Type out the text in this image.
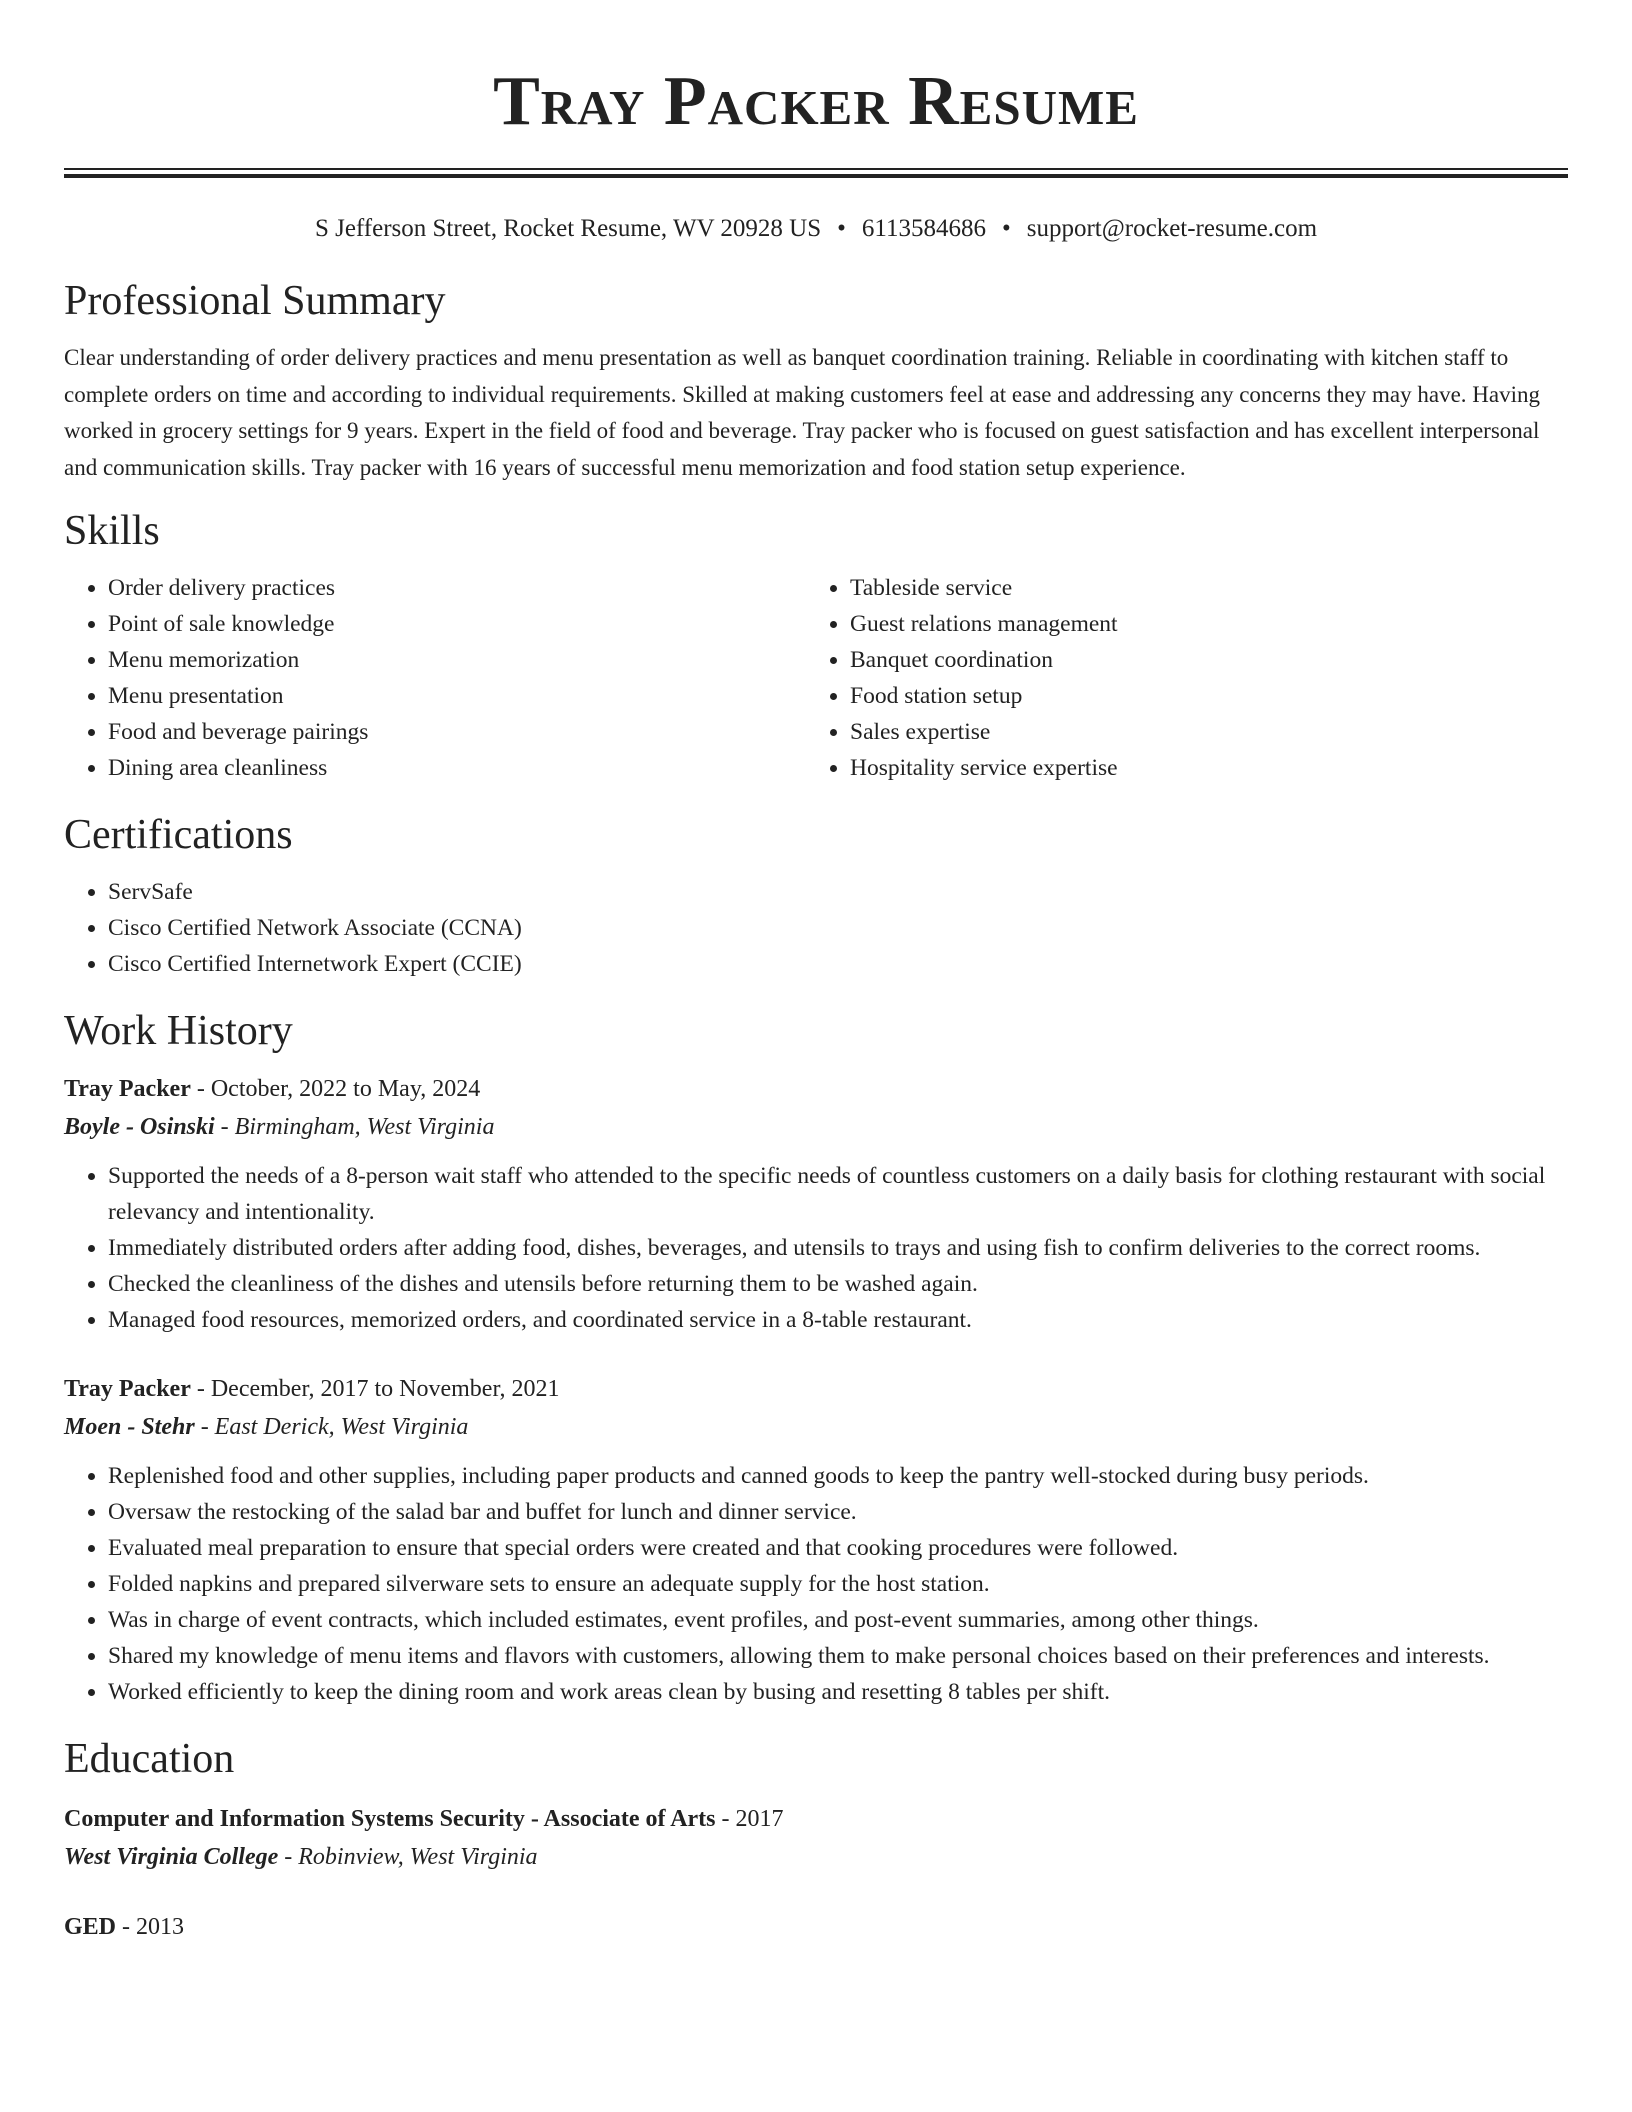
Tray Packer Resume
S Jefferson Street, Rocket Resume, WV 20928 US • 6113584686 • support@rocket-resume.com
Professional Summary

Clear understanding of order delivery practices and menu presentation as well as banquet coordination training. Reliable in coordinating with kitchen staff to complete orders on time and according to individual requirements. Skilled at making customers feel at ease and addressing any concerns they may have. Having worked in grocery settings for 9 years. Expert in the field of food and beverage. Tray packer who is focused on guest satisfaction and has excellent interpersonal and communication skills. Tray packer with 16 years of successful menu memorization and food station setup experience.

Skills
• Order delivery practices
• Point of sale knowledge
• Menu memorization
• Menu presentation
• Food and beverage pairings
• Dining area cleanliness
• Tableside service
• Guest relations management
• Banquet coordination
• Food station setup
• Sales expertise
• Hospitality service expertise
Certifications
• ServSafe
• Cisco Certified Network Associate (CCNA)
• Cisco Certified Internetwork Expert (CCIE)
Work History
Tray Packer - October, 2022 to May, 2024
Boyle - Osinski - Birmingham, West Virginia
• Supported the needs of a 8-person wait staff who attended to the specific needs of countless customers on a daily basis for clothing restaurant with social relevancy and intentionality.
• Immediately distributed orders after adding food, dishes, beverages, and utensils to trays and using fish to confirm deliveries to the correct rooms.
• Checked the cleanliness of the dishes and utensils before returning them to be washed again.
• Managed food resources, memorized orders, and coordinated service in a 8-table restaurant.
Tray Packer - December, 2017 to November, 2021
Moen - Stehr - East Derick, West Virginia
• Replenished food and other supplies, including paper products and canned goods to keep the pantry well-stocked during busy periods.
• Oversaw the restocking of the salad bar and buffet for lunch and dinner service.
• Evaluated meal preparation to ensure that special orders were created and that cooking procedures were followed.
• Folded napkins and prepared silverware sets to ensure an adequate supply for the host station.
• Was in charge of event contracts, which included estimates, event profiles, and post-event summaries, among other things.
• Shared my knowledge of menu items and flavors with customers, allowing them to make personal choices based on their preferences and interests.
• Worked efficiently to keep the dining room and work areas clean by busing and resetting 8 tables per shift.
Education
Computer and Information Systems Security - Associate of Arts - 2017
West Virginia College - Robinview, West Virginia
GED - 2013
